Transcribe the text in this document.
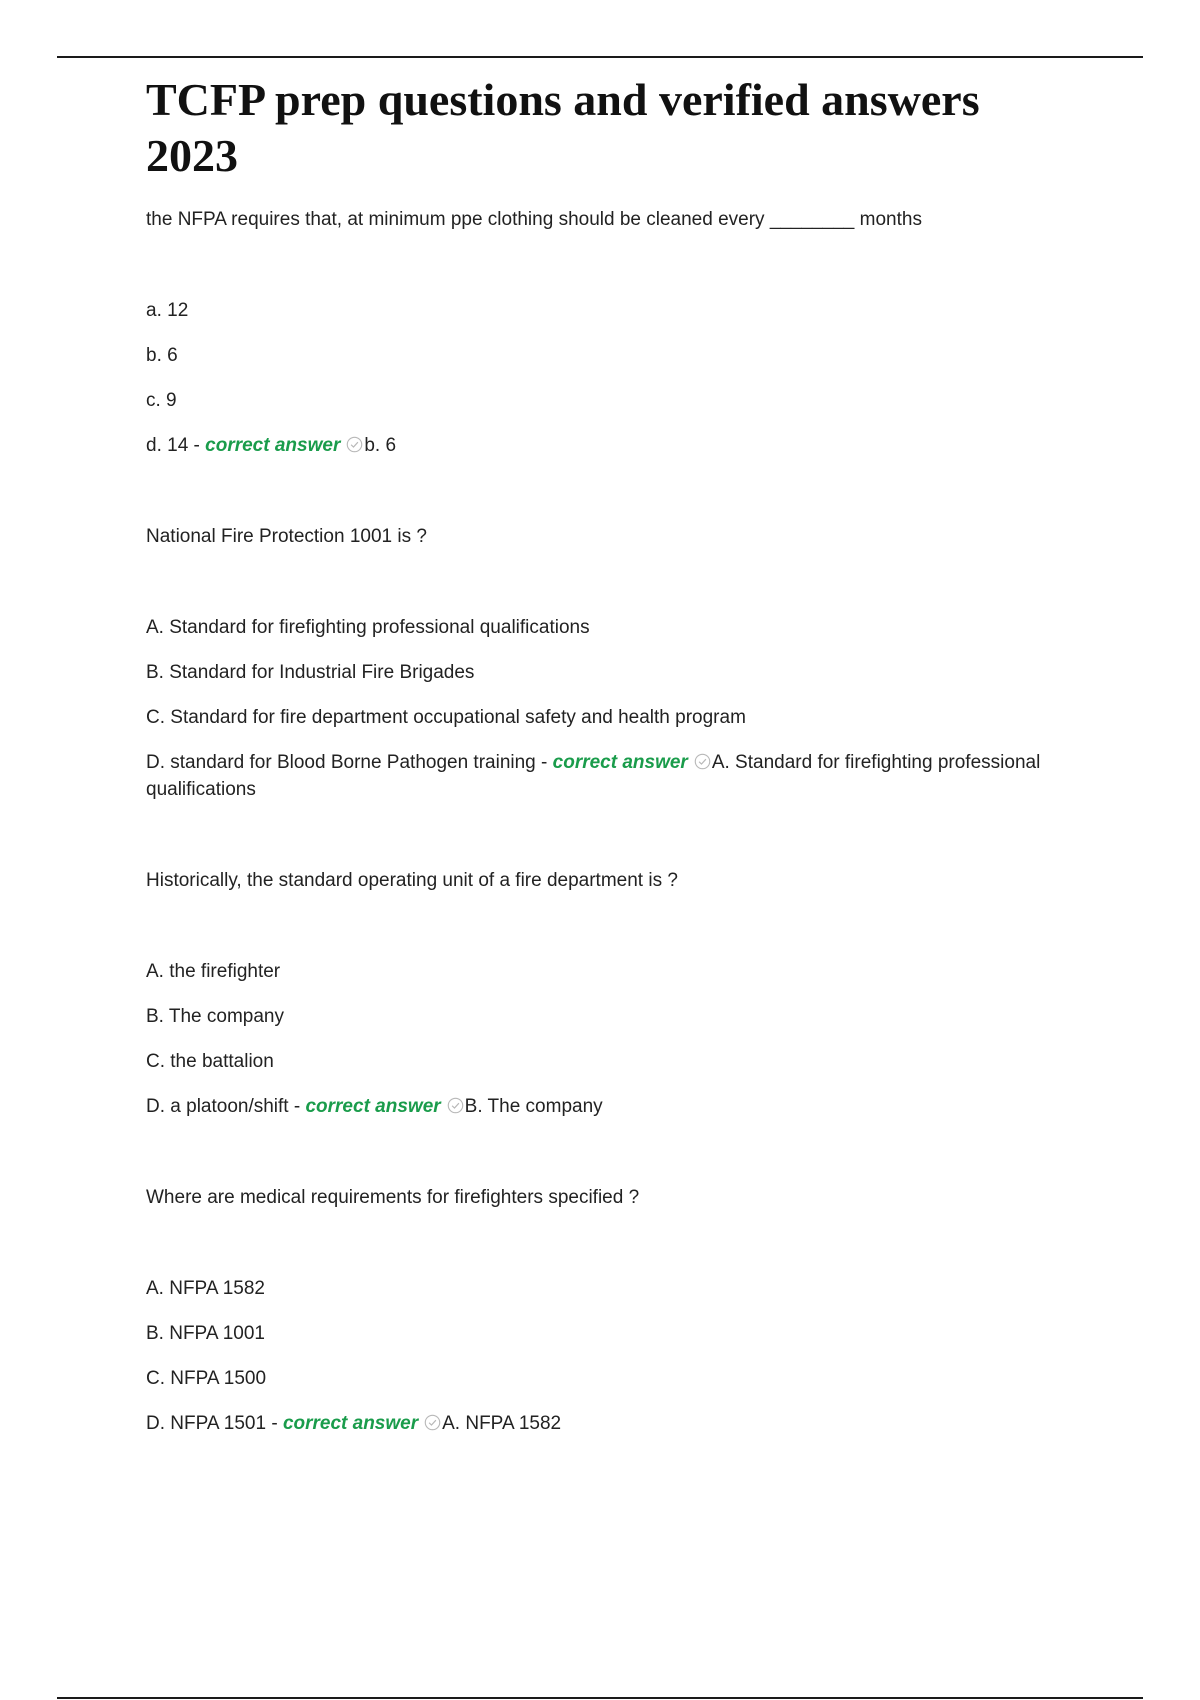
TCFP prep questions and verified answers 2023

the NFPA requires that, at minimum ppe clothing should be cleaned every ________ months

a. 12

b. 6

c. 9

d. 14 - correct answer b. 6

National Fire Protection 1001 is ?

A. Standard for firefighting professional qualifications

B. Standard for Industrial Fire Brigades

C. Standard for fire department occupational safety and health program

D. standard for Blood Borne Pathogen training - correct answer A. Standard for firefighting professional qualifications

Historically, the standard operating unit of a fire department is ?

A. the firefighter

B. The company

C. the battalion

D. a platoon/shift - correct answer B. The company

Where are medical requirements for firefighters specified ?

A. NFPA 1582

B. NFPA 1001

C. NFPA 1500

D. NFPA 1501 - correct answer A. NFPA 1582
